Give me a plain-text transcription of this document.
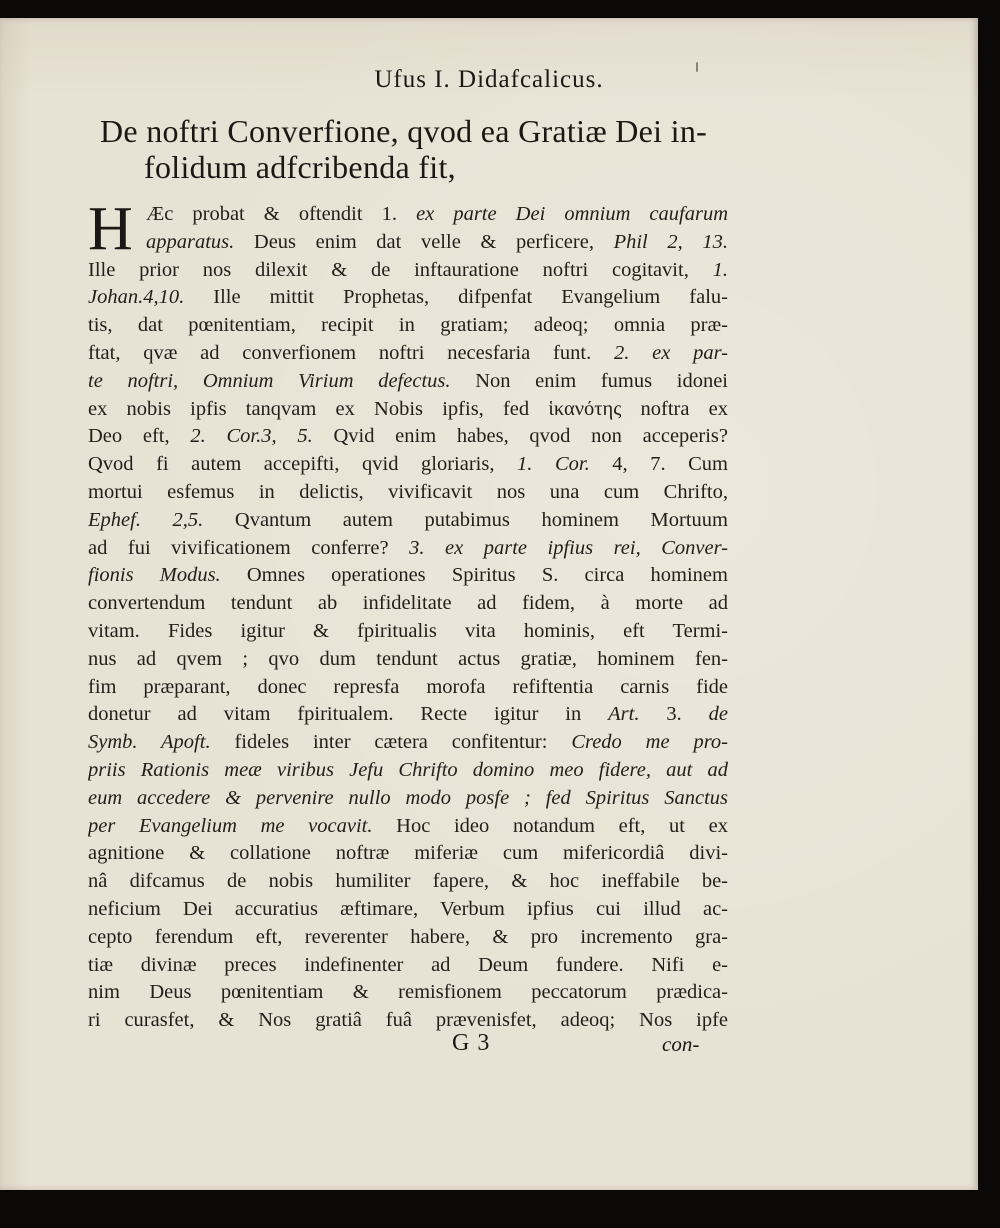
Ufus I. Didafcalicus.
De noftri Converfione, qvod ea Gratiæ Dei in-
folidum adfcribenda fit,
H Æc probat & oftendit 1. ex parte Dei omnium caufarum
apparatus. Deus enim dat velle & perficere, Phil 2, 13.
Ille prior nos dilexit & de inftauratione noftri cogitavit, 1.
Johan.4,10. Ille mittit Prophetas, difpenfat Evangelium falu-
tis, dat pœnitentiam, recipit in gratiam; adeoq; omnia præ-
ftat, qvæ ad converfionem noftri necesfaria funt. 2. ex par-
te noftri, Omnium Virium defectus. Non enim fumus idonei
ex nobis ipfis tanqvam ex Nobis ipfis, fed ἱκανότης noftra ex
Deo eft, 2. Cor.3, 5. Qvid enim habes, qvod non acceperis?
Qvod fi autem accepifti, qvid gloriaris, 1. Cor. 4, 7. Cum
mortui esfemus in delictis, vivificavit nos una cum Chrifto,
Ephef. 2,5. Qvantum autem putabimus hominem Mortuum
ad fui vivificationem conferre? 3. ex parte ipfius rei, Conver-
fionis Modus. Omnes operationes Spiritus S. circa hominem
convertendum tendunt ab infidelitate ad fidem, à morte ad
vitam. Fides igitur & fpiritualis vita hominis, eft Termi-
nus ad qvem ; qvo dum tendunt actus gratiæ, hominem fen-
fim præparant, donec represfa morofa refiftentia carnis fide
donetur ad vitam fpiritualem. Recte igitur in Art. 3. de
Symb. Apoft. fideles inter cætera confitentur: Credo me pro-
priis Rationis meæ viribus Jefu Chrifto domino meo fidere, aut ad
eum accedere & pervenire nullo modo posfe ; fed Spiritus Sanctus
per Evangelium me vocavit. Hoc ideo notandum eft, ut ex
agnitione & collatione noftræ miferiæ cum mifericordiâ divi-
nâ difcamus de nobis humiliter fapere, & hoc ineffabile be-
neficium Dei accuratius æftimare, Verbum ipfius cui illud ac-
cepto ferendum eft, reverenter habere, & pro incremento gra-
tiæ divinæ preces indefinenter ad Deum fundere. Nifi e-
nim Deus pœnitentiam & remisfionem peccatorum prædica-
ri curasfet, & Nos gratiâ fuâ prævenisfet, adeoq; Nos ipfe
G 3	con-
